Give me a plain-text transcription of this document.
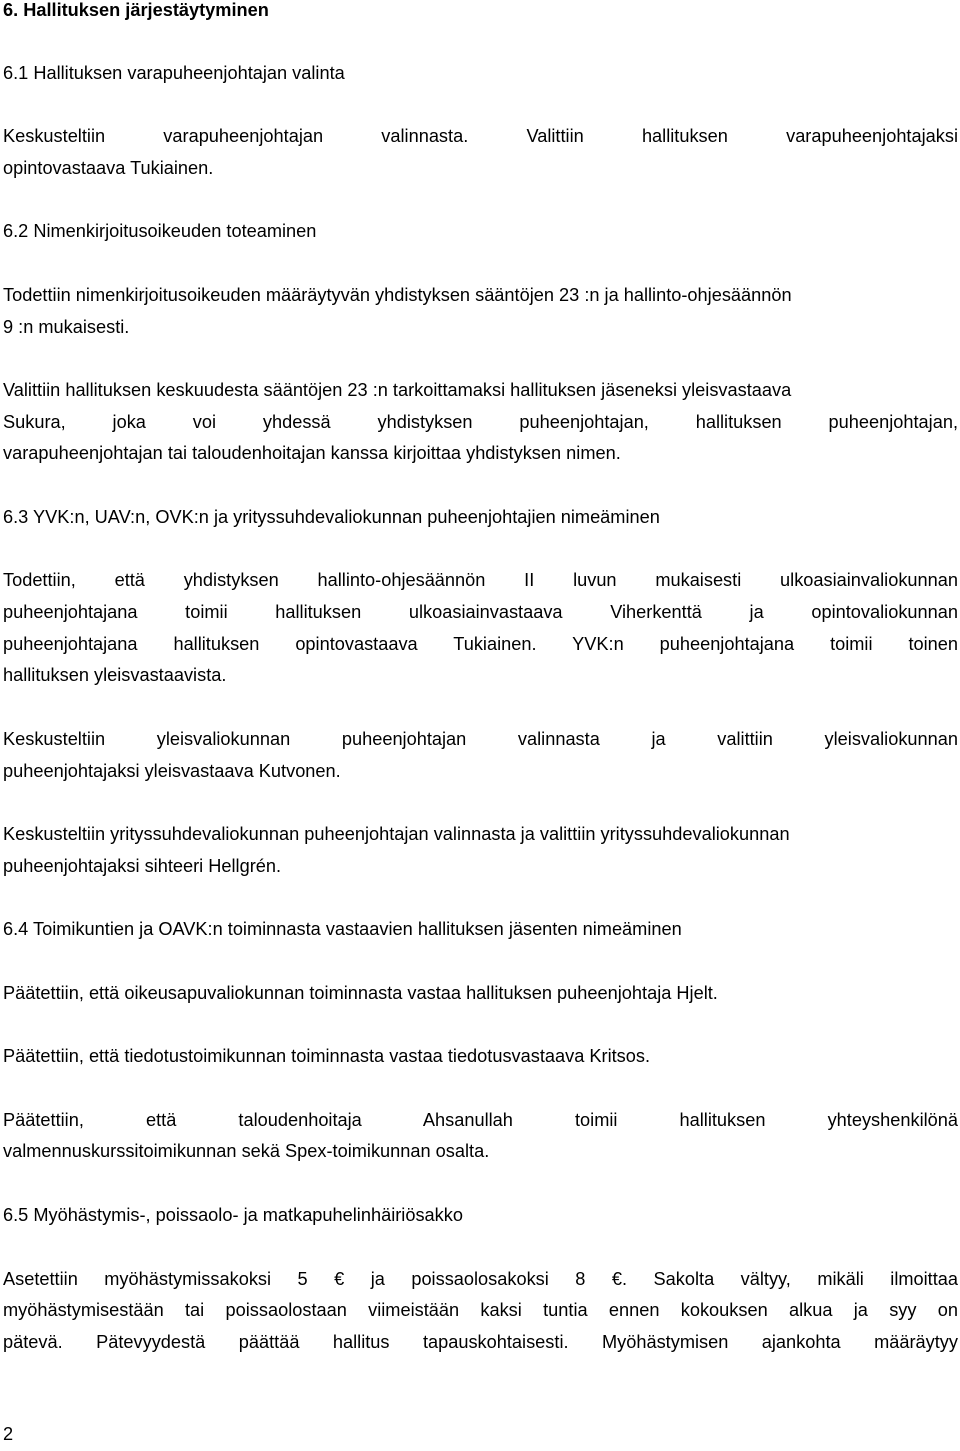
6. Hallituksen järjestäytyminen
6.1 Hallituksen varapuheenjohtajan valinta
Keskusteltiin varapuheenjohtajan valinnasta. Valittiin hallituksen varapuheenjohtajaksi
opintovastaava Tukiainen.
6.2 Nimenkirjoitusoikeuden toteaminen
Todettiin nimenkirjoitusoikeuden määräytyvän yhdistyksen sääntöjen 23 :n ja hallinto-ohjesäännön
9 :n mukaisesti.
Valittiin hallituksen keskuudesta sääntöjen 23 :n tarkoittamaksi hallituksen jäseneksi yleisvastaava
Sukura, joka voi yhdessä yhdistyksen puheenjohtajan, hallituksen puheenjohtajan,
varapuheenjohtajan tai taloudenhoitajan kanssa kirjoittaa yhdistyksen nimen.
6.3 YVK:n, UAV:n, OVK:n ja yrityssuhdevaliokunnan puheenjohtajien nimeäminen
Todettiin, että yhdistyksen hallinto-ohjesäännön II luvun mukaisesti ulkoasiainvaliokunnan
puheenjohtajana toimii hallituksen ulkoasiainvastaava Viherkenttä ja opintovaliokunnan
puheenjohtajana hallituksen opintovastaava Tukiainen. YVK:n puheenjohtajana toimii toinen
hallituksen yleisvastaavista.
Keskusteltiin yleisvaliokunnan puheenjohtajan valinnasta ja valittiin yleisvaliokunnan
puheenjohtajaksi yleisvastaava Kutvonen.
Keskusteltiin yrityssuhdevaliokunnan puheenjohtajan valinnasta ja valittiin yrityssuhdevaliokunnan
puheenjohtajaksi sihteeri Hellgrén.
6.4 Toimikuntien ja OAVK:n toiminnasta vastaavien hallituksen jäsenten nimeäminen
Päätettiin, että oikeusapuvaliokunnan toiminnasta vastaa hallituksen puheenjohtaja Hjelt.
Päätettiin, että tiedotustoimikunnan toiminnasta vastaa tiedotusvastaava Kritsos.
Päätettiin, että taloudenhoitaja Ahsanullah toimii hallituksen yhteyshenkilönä
valmennuskurssitoimikunnan sekä Spex-toimikunnan osalta.
6.5 Myöhästymis-, poissaolo- ja matkapuhelinhäiriösakko
Asetettiin myöhästymissakoksi 5 € ja poissaolosakoksi 8 €. Sakolta vältyy, mikäli ilmoittaa
myöhästymisestään tai poissaolostaan viimeistään kaksi tuntia ennen kokouksen alkua ja syy on
pätevä. Pätevyydestä päättää hallitus tapauskohtaisesti. Myöhästymisen ajankohta määräytyy
2
